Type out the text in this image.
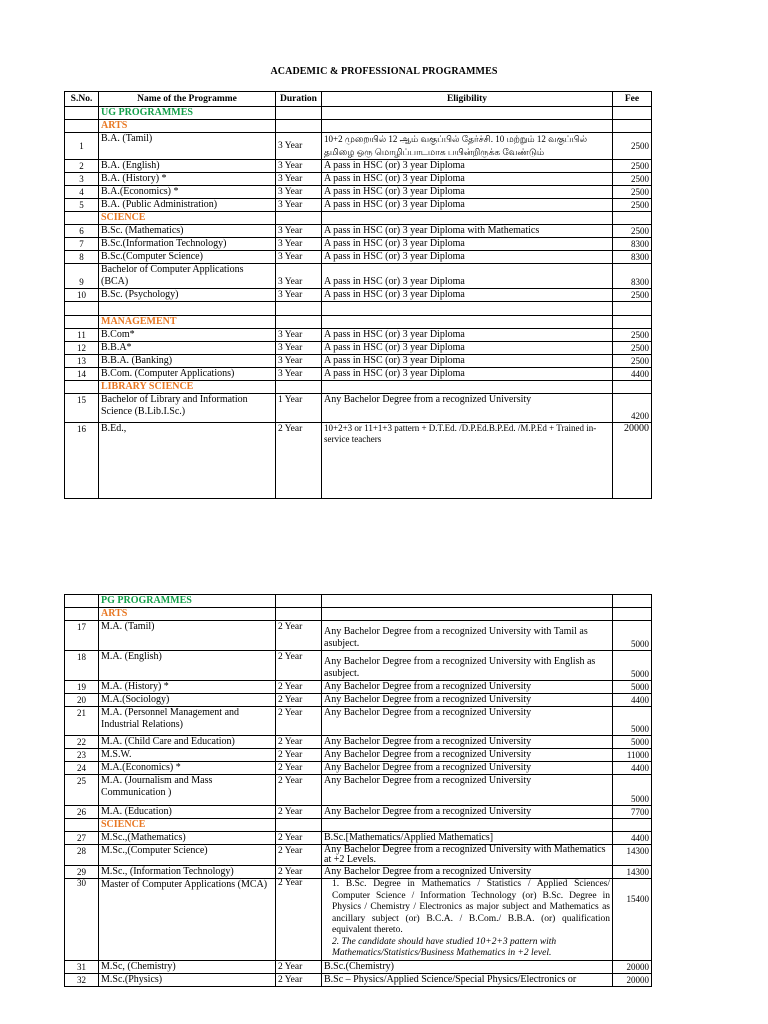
ACADEMIC & PROFESSIONAL PROGRAMMES
S.No.	Name of the Programme	Duration	Eligibility	Fee
	UG PROGRAMMES			
	ARTS			
1	B.A. (Tamil)	3 Year	10+2 முறையில் 12 ஆம் வகுப்பில் தேர்ச்சி. 10 மற்றும் 12 வகுப்பில் தமிழை ஒரு மொழிப்பாடமாக பயின்றிருக்க வேண்டும்	2500
2	B.A. (English)	3 Year	A pass in HSC (or) 3 year Diploma	2500
3	B.A. (History) *	3 Year	A pass in HSC (or) 3 year Diploma	2500
4	B.A.(Economics) *	3 Year	A pass in HSC (or) 3 year Diploma	2500
5	B.A. (Public Administration)	3 Year	A pass in HSC (or) 3 year Diploma	2500
	SCIENCE			
6	B.Sc. (Mathematics)	3 Year	A pass in HSC (or) 3 year Diploma with Mathematics	2500
7	B.Sc.(Information Technology)	3 Year	A pass in HSC (or) 3 year Diploma	8300
8	B.Sc.(Computer Science)	3 Year	A pass in HSC (or) 3 year Diploma	8300
9	Bachelor of Computer Applications (BCA)	3 Year	A pass in HSC (or) 3 year Diploma	8300
10	B.Sc. (Psychology)	3 Year	A pass in HSC (or) 3 year Diploma	2500

	MANAGEMENT			
11	B.Com*	3 Year	A pass in HSC (or) 3 year Diploma	2500
12	B.B.A*	3 Year	A pass in HSC (or) 3 year Diploma	2500
13	B.B.A. (Banking)	3 Year	A pass in HSC (or) 3 year Diploma	2500
14	B.Com. (Computer Applications)	3 Year	A pass in HSC (or) 3 year Diploma	4400
	LIBRARY SCIENCE			
15	Bachelor of Library and Information Science (B.Lib.I.Sc.)	1 Year	Any Bachelor Degree from a recognized University	4200
16	B.Ed.,	2 Year	10+2+3 or 11+1+3 pattern + D.T.Ed. /D.P.Ed.B.P.Ed. /M.P.Ed + Trained in-service teachers	20000
	PG PROGRAMMES			
	ARTS			
17	M.A. (Tamil)	2 Year	Any Bachelor Degree from a recognized University with Tamil as asubject.	5000
18	M.A. (English)	2 Year	Any Bachelor Degree from a recognized University with English as asubject.	5000
19	M.A. (History) *	2 Year	Any Bachelor Degree from a recognized University	5000
20	M.A.(Sociology)	2 Year	Any Bachelor Degree from a recognized University	4400
21	M.A. (Personnel Management and Industrial Relations)	2 Year	Any Bachelor Degree from a recognized University	5000
22	M.A. (Child Care and Education)	2 Year	Any Bachelor Degree from a recognized University	5000
23	M.S.W.	2 Year	Any Bachelor Degree from a recognized University	11000
24	M.A.(Economics) *	2 Year	Any Bachelor Degree from a recognized University	4400
25	M.A. (Journalism and Mass Communication )	2 Year	Any Bachelor Degree from a recognized University	5000
26	M.A. (Education)	2 Year	Any Bachelor Degree from a recognized University	7700
	SCIENCE			
27	M.Sc.,(Mathematics)	2 Year	B.Sc.[Mathematics/Applied Mathematics]	4400
28	M.Sc.,(Computer Science)	2 Year	Any Bachelor Degree from a recognized University with Mathematics at +2 Levels.	14300
29	M.Sc., (Information Technology)	2 Year	Any Bachelor Degree from a recognized University	14300
30	Master of Computer Applications (MCA)	2 Year	1. B.Sc. Degree in Mathematics / Statistics / Applied Sciences/ Computer Science / Information Technology (or) B.Sc. Degree in Physics / Chemistry / Electronics as major subject and Mathematics as ancillary subject (or) B.C.A. / B.Com./ B.B.A. (or) qualification equivalent thereto.
2. The candidate should have studied 10+2+3 pattern with Mathematics/Statistics/Business Mathematics in +2 level.	15400
31	M.Sc, (Chemistry)	2 Year	B.Sc.(Chemistry)	20000
32	M.Sc.(Physics)	2 Year	B.Sc – Physics/Applied Science/Special Physics/Electronics or	20000
